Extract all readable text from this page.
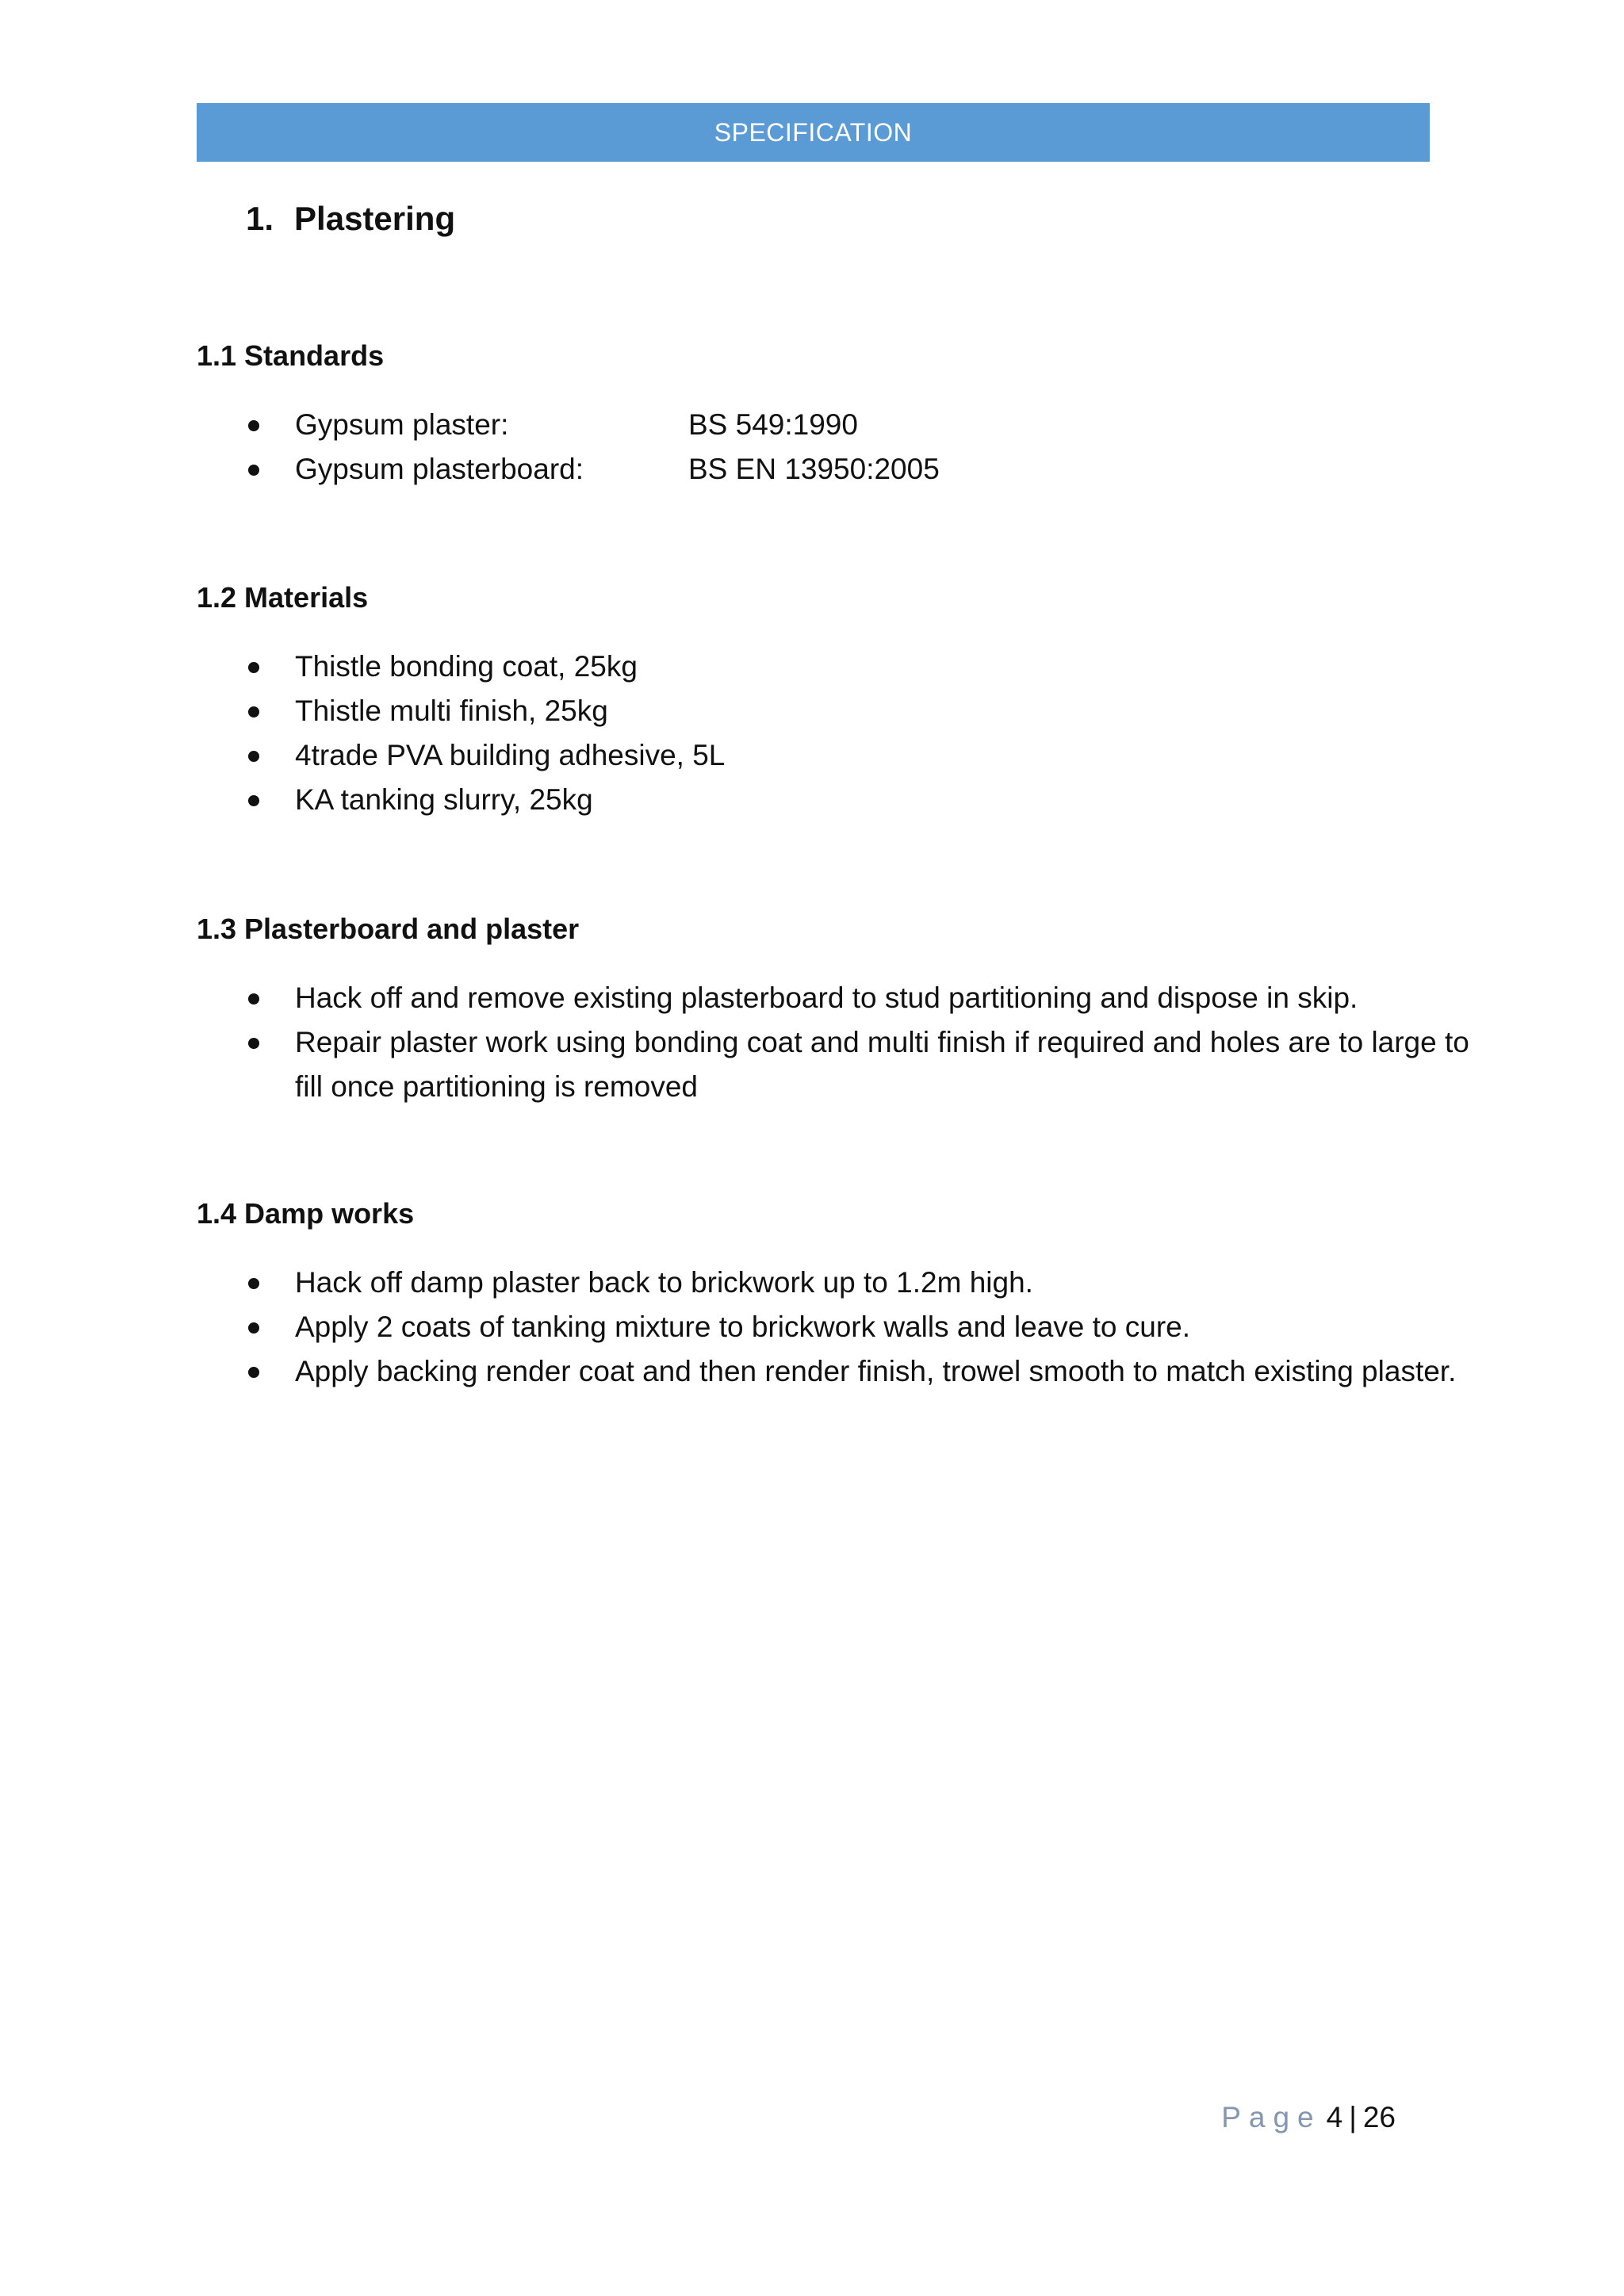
SPECIFICATION
1. Plastering
1.1 Standards
Gypsum plaster:	BS 549:1990
Gypsum plasterboard:	BS EN 13950:2005
1.2 Materials
Thistle bonding coat, 25kg
Thistle multi finish, 25kg
4trade PVA building adhesive, 5L
KA tanking slurry, 25kg
1.3 Plasterboard and plaster
Hack off and remove existing plasterboard to stud partitioning and dispose in skip.
Repair plaster work using bonding coat and multi finish if required and holes are to large to fill once partitioning is removed
1.4 Damp works
Hack off damp plaster back to brickwork up to 1.2m high.
Apply 2 coats of tanking mixture to brickwork walls and leave to cure.
Apply backing render coat and then render finish, trowel smooth to match existing plaster.
Page 4 | 26
